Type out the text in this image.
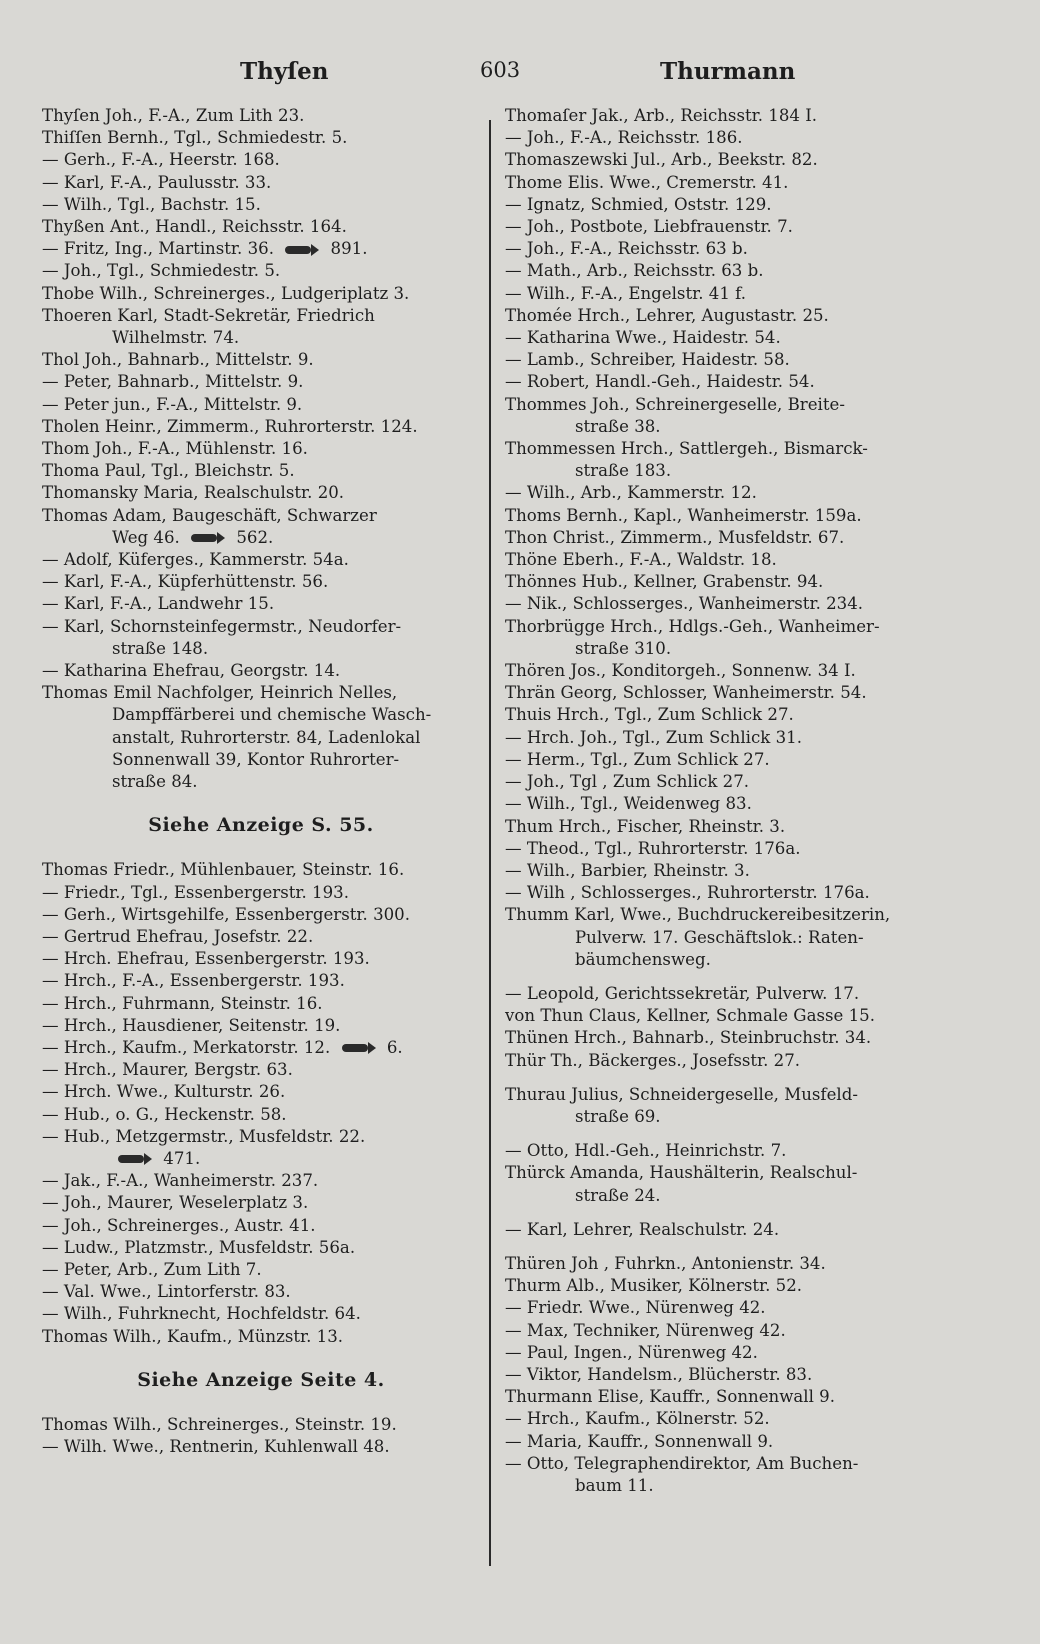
Thyſen	603	Thurmann

Thyſen Joh., F.-A., Zum Lith 23.

Thiſſen Bernh., Tgl., Schmiedestr. 5.

— Gerh., F.-A., Heerstr. 168.

— Karl, F.-A., Paulusstr. 33.

— Wilh., Tgl., Bachstr. 15.

Thyßen Ant., Handl., Reichsstr. 164.

— Fritz, Ing., Martinstr. 36.	891.

— Joh., Tgl., Schmiedestr. 5.

Thobe Wilh., Schreinerges., Ludgeriplatz 3.

Thoeren Karl, Stadt-Sekretär, Friedrich

Wilhelmstr. 74.

Thol Joh., Bahnarb., Mittelstr. 9.

— Peter, Bahnarb., Mittelstr. 9.

— Peter jun., F.-A., Mittelstr. 9.

Tholen Heinr., Zimmerm., Ruhrorterstr. 124.

Thom Joh., F.-A., Mühlenstr. 16.

Thoma Paul, Tgl., Bleichstr. 5.

Thomansky Maria, Realschulstr. 20.

Thomas Adam, Baugeschäft, Schwarzer

Weg 46.	562.

— Adolf, Küferges., Kammerstr. 54a.

— Karl, F.-A., Küpferhüttenstr. 56.

— Karl, F.-A., Landwehr 15.

— Karl, Schornsteinfegermstr., Neudorfer-

straße 148.

— Katharina Ehefrau, Georgstr. 14.

Thomas Emil Nachfolger, Heinrich Nelles,

Dampffärberei und chemische Wasch-

anstalt, Ruhrorterstr. 84, Ladenlokal

Sonnenwall 39, Kontor Ruhrorter-

straße 84.

Siehe Anzeige S. 55.

Thomas Friedr., Mühlenbauer, Steinstr. 16.

— Friedr., Tgl., Essenbergerstr. 193.

— Gerh., Wirtsgehilfe, Essenbergerstr. 300.

— Gertrud Ehefrau, Josefstr. 22.

— Hrch. Ehefrau, Essenbergerstr. 193.

— Hrch., F.-A., Essenbergerstr. 193.

— Hrch., Fuhrmann, Steinstr. 16.

— Hrch., Hausdiener, Seitenstr. 19.

— Hrch., Kaufm., Merkatorstr. 12.	6.

— Hrch., Maurer, Bergstr. 63.

— Hrch. Wwe., Kulturstr. 26.

— Hub., o. G., Heckenstr. 58.

— Hub., Metzgermstr., Musfeldstr. 22.

471.

— Jak., F.-A., Wanheimerstr. 237.

— Joh., Maurer, Weselerplatz 3.

— Joh., Schreinerges., Austr. 41.

— Ludw., Platzmstr., Musfeldstr. 56a.

— Peter, Arb., Zum Lith 7.

— Val. Wwe., Lintorferstr. 83.

— Wilh., Fuhrknecht, Hochfeldstr. 64.

Thomas Wilh., Kaufm., Münzstr. 13.

Siehe Anzeige Seite 4.

Thomas Wilh., Schreinerges., Steinstr. 19.

— Wilh. Wwe., Rentnerin, Kuhlenwall 48.

Thomaſer Jak., Arb., Reichsstr. 184 I.

— Joh., F.-A., Reichsstr. 186.

Thomaszewski Jul., Arb., Beekstr. 82.

Thome Elis. Wwe., Cremerstr. 41.

— Ignatz, Schmied, Oststr. 129.

— Joh., Postbote, Liebfrauenstr. 7.

— Joh., F.-A., Reichsstr. 63 b.

— Math., Arb., Reichsstr. 63 b.

— Wilh., F.-A., Engelstr. 41 f.

Thomée Hrch., Lehrer, Augustastr. 25.

— Katharina Wwe., Haidestr. 54.

— Lamb., Schreiber, Haidestr. 58.

— Robert, Handl.-Geh., Haidestr. 54.

Thommes Joh., Schreinergeselle, Breite-

straße 38.

Thommessen Hrch., Sattlergeh., Bismarck-

straße 183.

— Wilh., Arb., Kammerstr. 12.

Thoms Bernh., Kapl., Wanheimerstr. 159a.

Thon Christ., Zimmerm., Musfeldstr. 67.

Thöne Eberh., F.-A., Waldstr. 18.

Thönnes Hub., Kellner, Grabenstr. 94.

— Nik., Schlosserges., Wanheimerstr. 234.

Thorbrügge Hrch., Hdlgs.-Geh., Wanheimer-

straße 310.

Thören Jos., Konditorgeh., Sonnenw. 34 I.

Thrän Georg, Schlosser, Wanheimerstr. 54.

Thuis Hrch., Tgl., Zum Schlick 27.

— Hrch. Joh., Tgl., Zum Schlick 31.

— Herm., Tgl., Zum Schlick 27.

— Joh., Tgl , Zum Schlick 27.

— Wilh., Tgl., Weidenweg 83.

Thum Hrch., Fischer, Rheinstr. 3.

— Theod., Tgl., Ruhrorterstr. 176a.

— Wilh., Barbier, Rheinstr. 3.

— Wilh , Schlosserges., Ruhrorterstr. 176a.

Thumm Karl, Wwe., Buchdruckereibesitzerin,

Pulverw. 17. Geschäftslok.: Raten-

bäumchensweg.

— Leopold, Gerichtssekretär, Pulverw. 17.

von Thun Claus, Kellner, Schmale Gasse 15.

Thünen Hrch., Bahnarb., Steinbruchstr. 34.

Thür Th., Bäckerges., Josefsstr. 27.

Thurau Julius, Schneidergeselle, Musfeld-

straße 69.

— Otto, Hdl.-Geh., Heinrichstr. 7.

Thürck Amanda, Haushälterin, Realschul-

straße 24.

— Karl, Lehrer, Realschulstr. 24.

Thüren Joh , Fuhrkn., Antonienstr. 34.

Thurm Alb., Musiker, Kölnerstr. 52.

— Friedr. Wwe., Nürenweg 42.

— Max, Techniker, Nürenweg 42.

— Paul, Ingen., Nürenweg 42.

— Viktor, Handelsm., Blücherstr. 83.

Thurmann Elise, Kauffr., Sonnenwall 9.

— Hrch., Kaufm., Kölnerstr. 52.

— Maria, Kauffr., Sonnenwall 9.

— Otto, Telegraphendirektor, Am Buchen-

baum 11.
